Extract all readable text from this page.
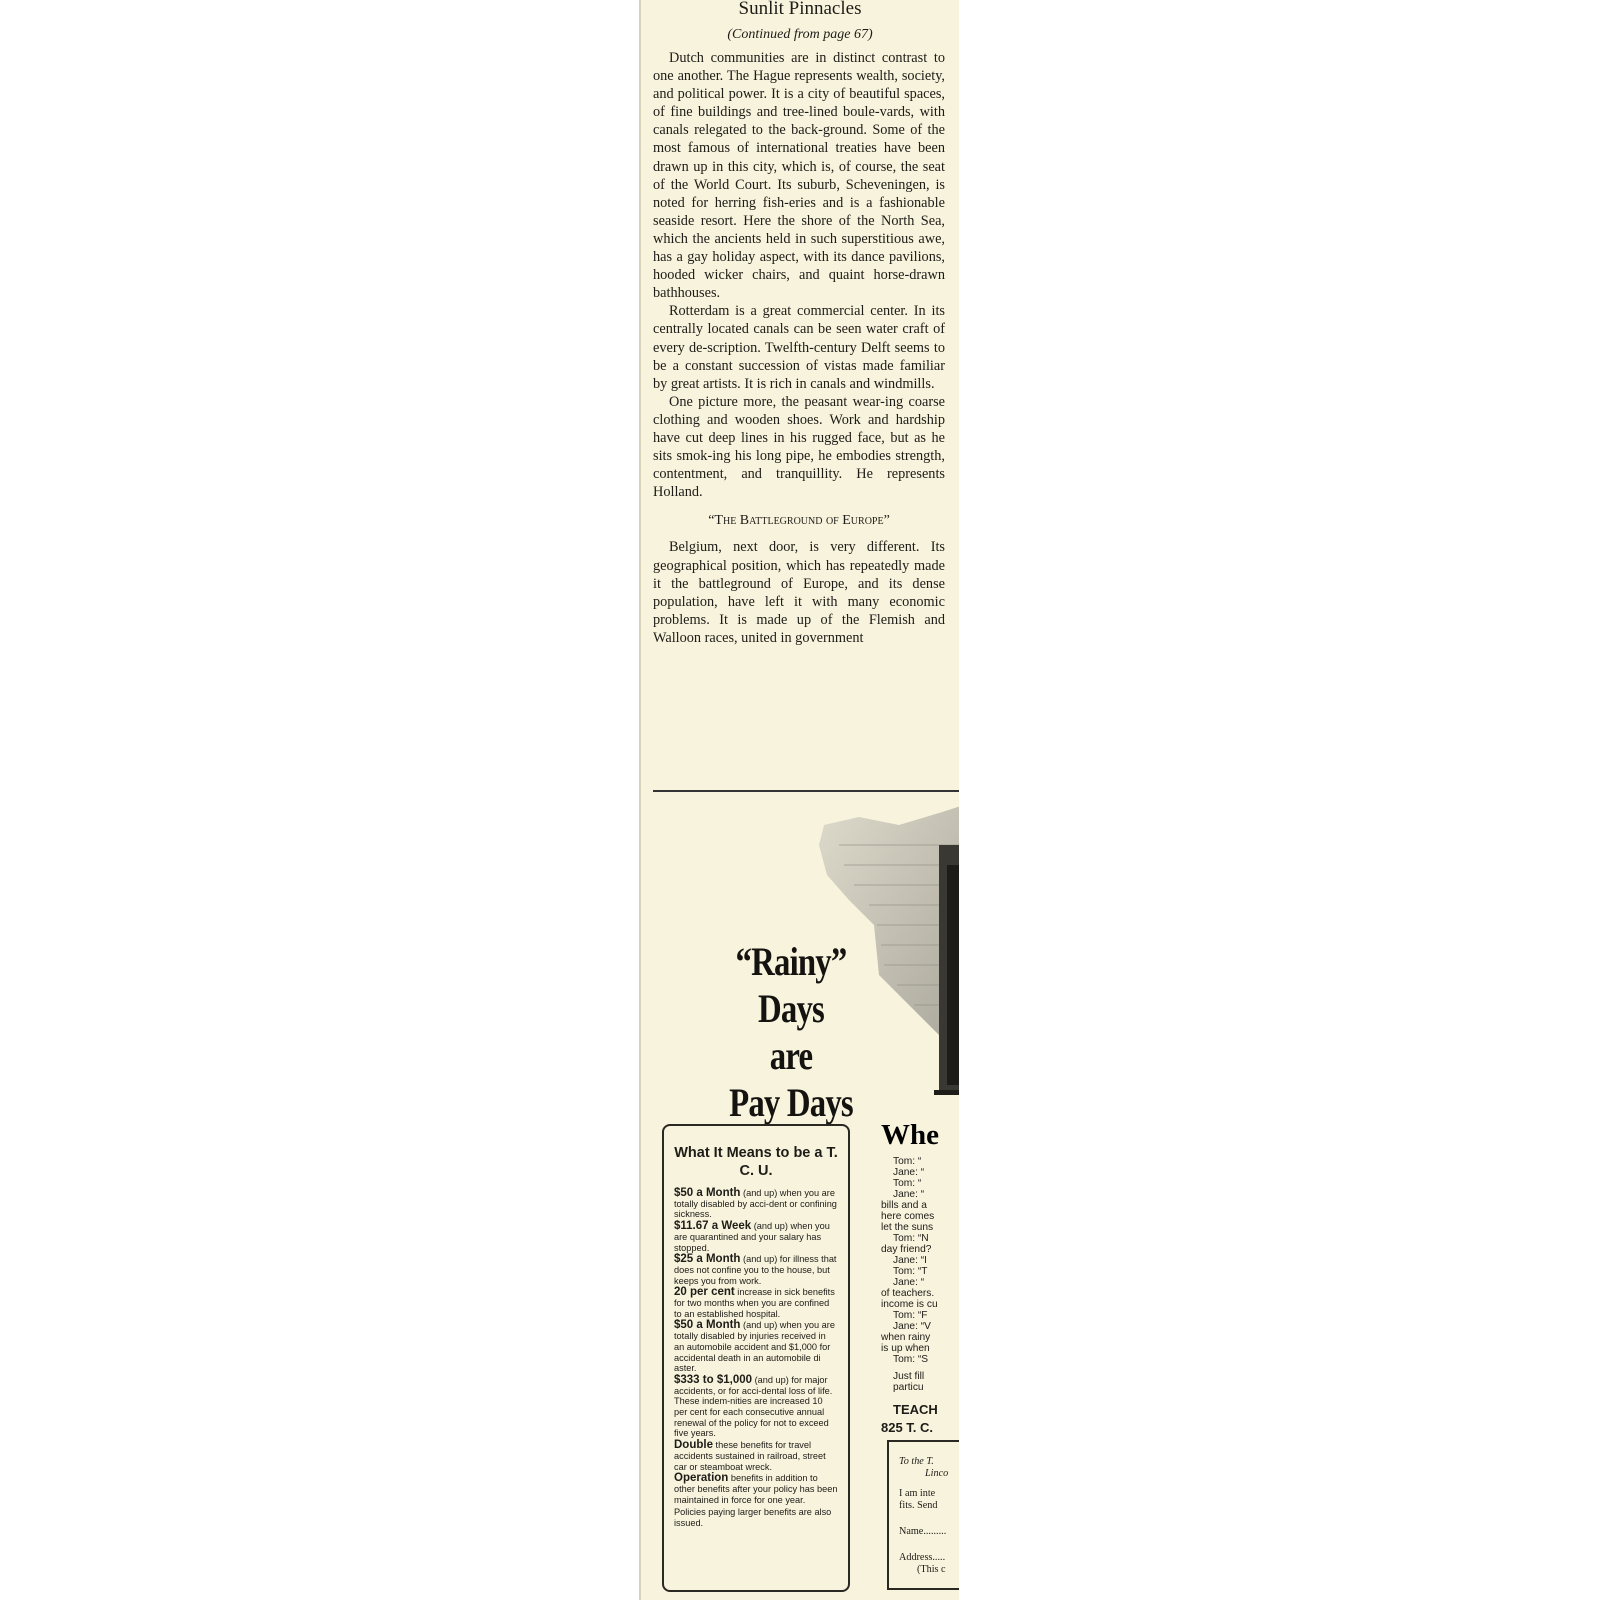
Sunlit Pinnacles
(Continued from page 67)

Dutch communities are in distinct contrast to one another. The Hague represents wealth, society, and political power. It is a city of beautiful spaces, of fine buildings and tree-lined boule-vards, with canals relegated to the back-ground. Some of the most famous of international treaties have been drawn up in this city, which is, of course, the seat of the World Court. Its suburb, Scheveningen, is noted for herring fish-eries and is a fashionable seaside resort. Here the shore of the North Sea, which the ancients held in such superstitious awe, has a gay holiday aspect, with its dance pavilions, hooded wicker chairs, and quaint horse-drawn bathhouses.

Rotterdam is a great commercial center. In its centrally located canals can be seen water craft of every de-scription. Twelfth-century Delft seems to be a constant succession of vistas made familiar by great artists. It is rich in canals and windmills.

One picture more, the peasant wear-ing coarse clothing and wooden shoes. Work and hardship have cut deep lines in his rugged face, but as he sits smok-ing his long pipe, he embodies strength, contentment, and tranquillity. He represents Holland.

“The Battleground of Europe”

Belgium, next door, is very different. Its geographical position, which has repeatedly made it the battleground of Europe, and its dense population, have left it with many economic problems. It is made up of the Flemish and Walloon races, united in government

“Rainy” Days
are
Pay Days
What It Means to be a T. C. U.
$50 a Month (and up) when you are totally disabled by acci-dent or confining sickness.
$11.67 a Week (and up) when you are quarantined and your salary has stopped.
$25 a Month (and up) for illness that does not confine you to the house, but keeps you from work.
20 per cent increase in sick benefits for two months when you are confined to an established hospital.
$50 a Month (and up) when you are totally disabled by injuries received in an automobile accident and $1,000 for accidental death in an automobile di aster.
$333 to $1,000 (and up) for major accidents, or for acci-dental loss of life. These indem-nities are increased 10 per cent for each consecutive annual renewal of the policy for not to exceed five years.
Double these benefits for travel accidents sustained in railroad, street car or steamboat wreck.
Operation benefits in addition to other benefits after your policy has been maintained in force for one year.
Policies paying larger benefits are also issued.
Whe
Tom: “
Jane: “
Tom: “
Jane: “
bills and a
here comes
let the suns
Tom: “N
day friend?
Jane: “I
Tom: “T
Jane: “
of teachers.
income is cu
Tom: “F
Jane: “V
when rainy
is up when
Tom: “S
Just fill
particu
TEACH
825 T. C.
To the T.
Linco
I am inte
fits. Send
Name.........
Address.....
(This c
